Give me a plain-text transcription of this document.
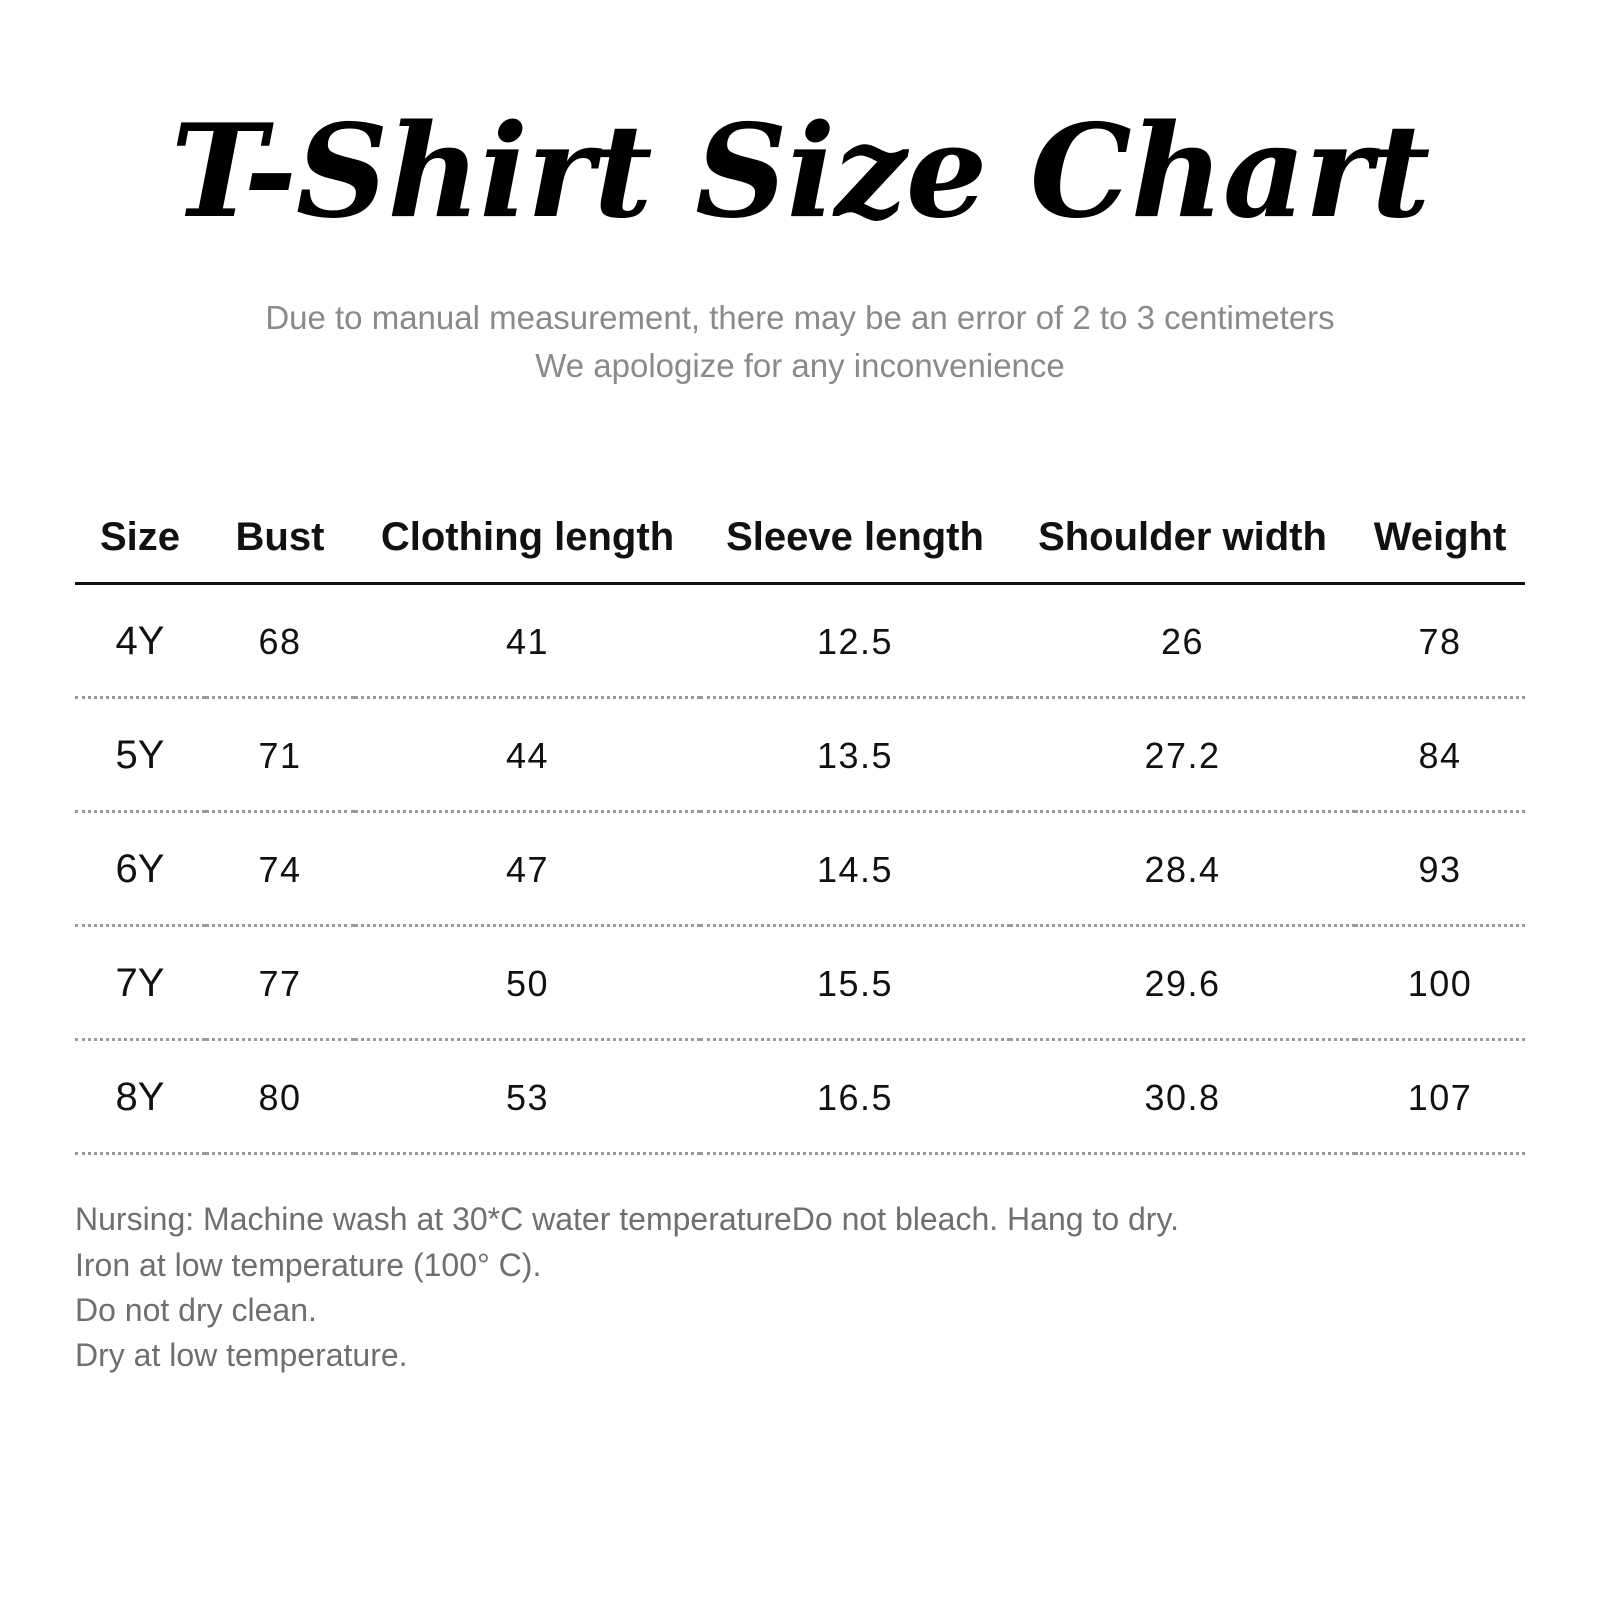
T-Shirt Size Chart
Due to manual measurement, there may be an error of 2 to 3 centimeters
We apologize for any inconvenience
Size	Bust	Clothing length	Sleeve length	Shoulder width	Weight
4Y	68	41	12.5	26	78
5Y	71	44	13.5	27.2	84
6Y	74	47	14.5	28.4	93
7Y	77	50	15.5	29.6	100
8Y	80	53	16.5	30.8	107
Nursing: Machine wash at 30*C water temperatureDo not bleach. Hang to dry.
Iron at low temperature (100° C).
Do not dry clean.
Dry at low temperature.
